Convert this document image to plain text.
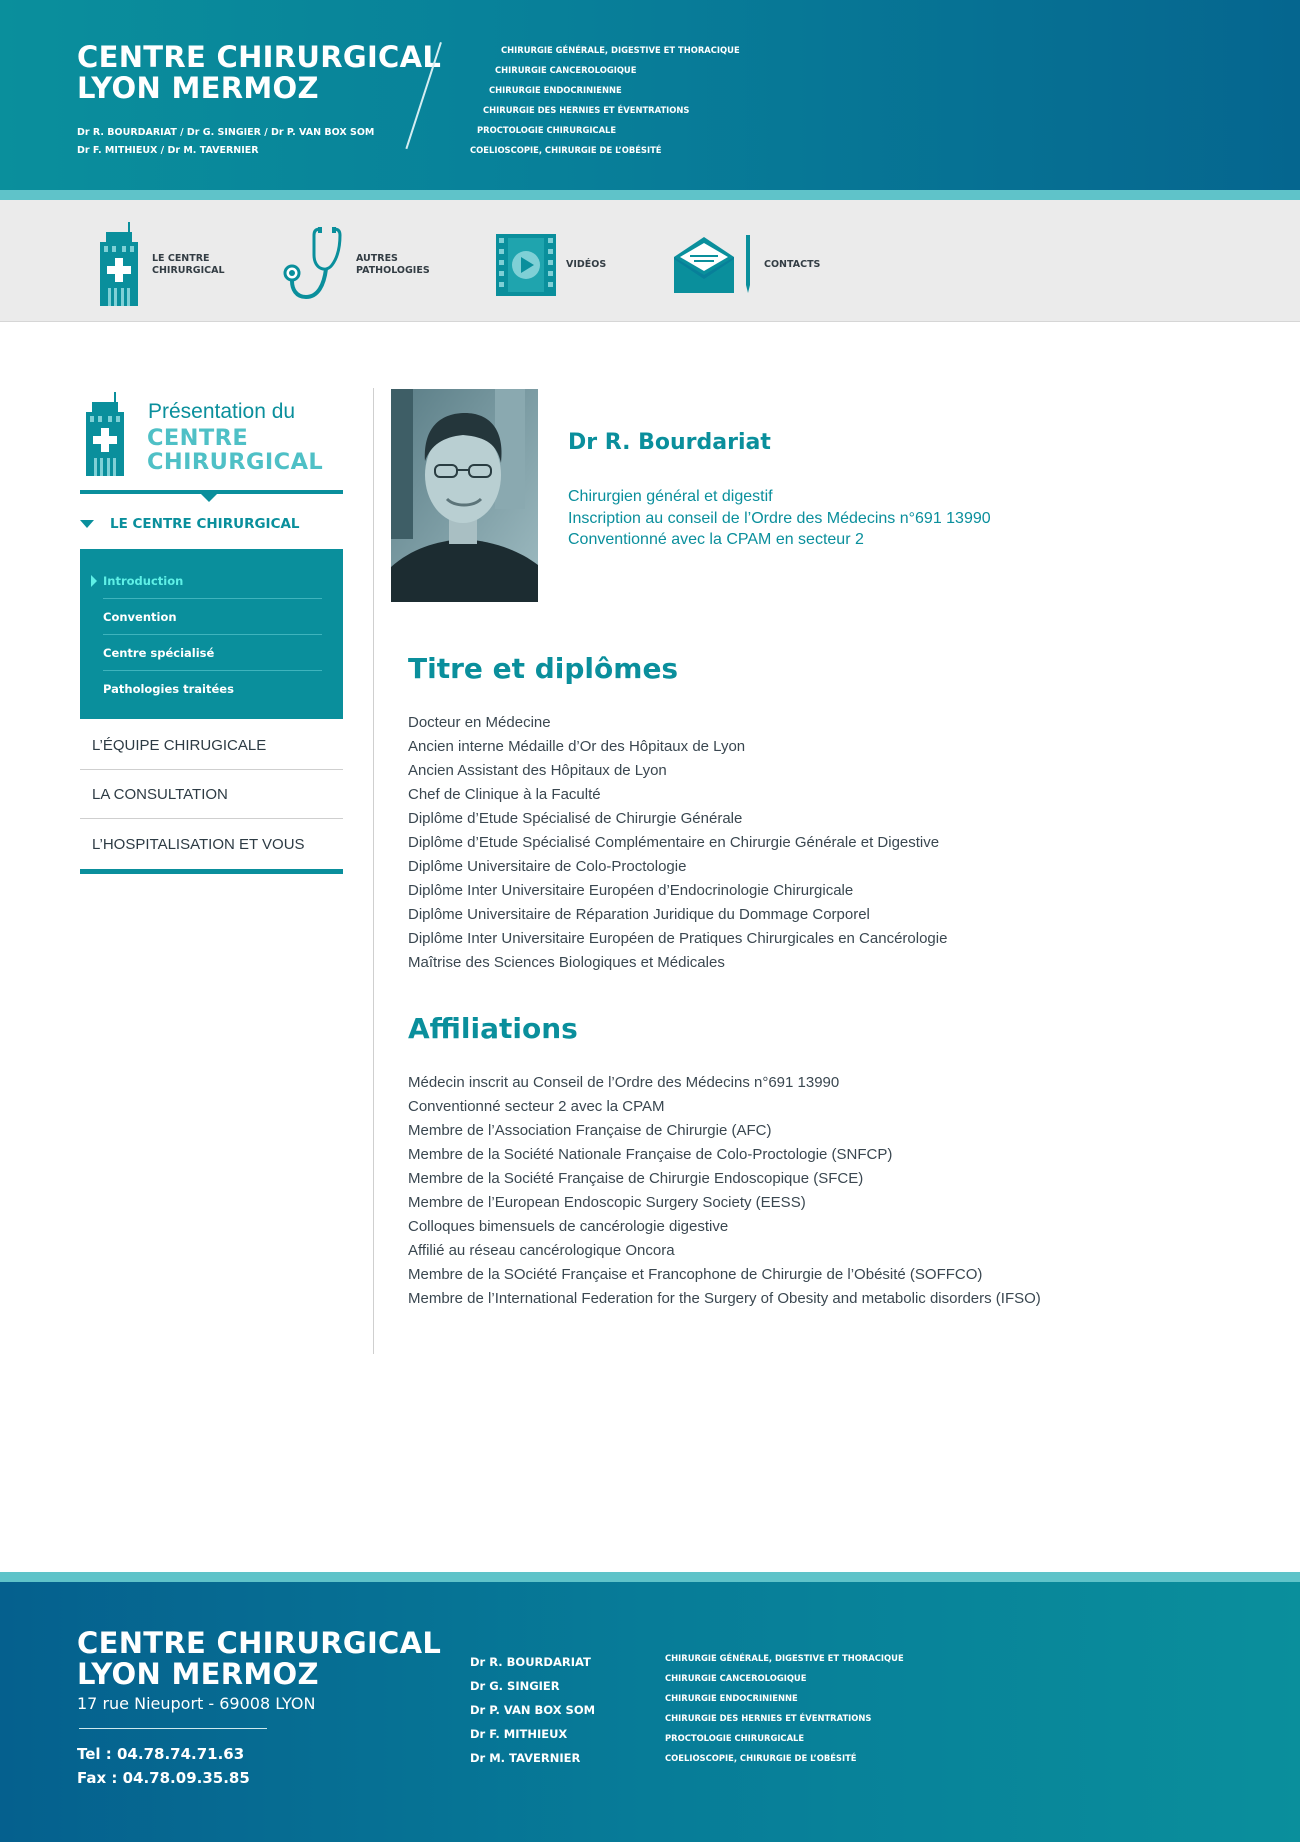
CENTRE CHIRURGICAL
LYON MERMOZ
Dr R. BOURDARIAT / Dr G. SINGIER / Dr P. VAN BOX SOM
Dr F. MITHIEUX / Dr M. TAVERNIER
CHIRURGIE GÉNÉRALE, DIGESTIVE ET THORACIQUE
CHIRURGIE CANCEROLOGIQUE
CHIRURGIE ENDOCRINIENNE
CHIRURGIE DES HERNIES ET ÉVENTRATIONS
PROCTOLOGIE CHIRURGICALE
COELIOSCOPIE, CHIRURGIE DE L’OBÉSITÉ
LE CENTRE
CHIRURGICAL
AUTRES
PATHOLOGIES
VIDÉOS	CONTACTS
Présentation du
CENTRE
CHIRURGICAL
LE CENTRE CHIRURGICAL
Introduction
Convention
Centre spécialisé
Pathologies traitées
L’ÉQUIPE CHIRUGICALE
LA CONSULTATION
L’HOSPITALISATION ET VOUS
Dr R. Bourdariat
Chirurgien général et digestif
Inscription au conseil de l’Ordre des Médecins n°691 13990
Conventionné avec la CPAM en secteur 2
Titre et diplômes
Docteur en Médecine
Ancien interne Médaille d’Or des Hôpitaux de Lyon
Ancien Assistant des Hôpitaux de Lyon
Chef de Clinique à la Faculté
Diplôme d’Etude Spécialisé de Chirurgie Générale
Diplôme d’Etude Spécialisé Complémentaire en Chirurgie Générale et Digestive
Diplôme Universitaire de Colo-Proctologie
Diplôme Inter Universitaire Européen d’Endocrinologie Chirurgicale
Diplôme Universitaire de Réparation Juridique du Dommage Corporel
Diplôme Inter Universitaire Européen de Pratiques Chirurgicales en Cancérologie
Maîtrise des Sciences Biologiques et Médicales
Affiliations
Médecin inscrit au Conseil de l’Ordre des Médecins n°691 13990
Conventionné secteur 2 avec la CPAM
Membre de l’Association Française de Chirurgie (AFC)
Membre de la Société Nationale Française de Colo-Proctologie (SNFCP)
Membre de la Société Française de Chirurgie Endoscopique (SFCE)
Membre de l’European Endoscopic Surgery Society (EESS)
Colloques bimensuels de cancérologie digestive
Affilié au réseau cancérologique Oncora
Membre de la SOciété Française et Francophone de Chirurgie de l’Obésité (SOFFCO)
Membre de l’International Federation for the Surgery of Obesity and metabolic disorders (IFSO)
CENTRE CHIRURGICAL
LYON MERMOZ
17 rue Nieuport - 69008 LYON
Tel : 04.78.74.71.63
Fax : 04.78.09.35.85
Dr R. BOURDARIAT
Dr G. SINGIER
Dr P. VAN BOX SOM
Dr F. MITHIEUX
Dr M. TAVERNIER
CHIRURGIE GÉNÉRALE, DIGESTIVE ET THORACIQUE
CHIRURGIE CANCEROLOGIQUE
CHIRURGIE ENDOCRINIENNE
CHIRURGIE DES HERNIES ET ÉVENTRATIONS
PROCTOLOGIE CHIRURGICALE
COELIOSCOPIE, CHIRURGIE DE L’OBÉSITÉ
